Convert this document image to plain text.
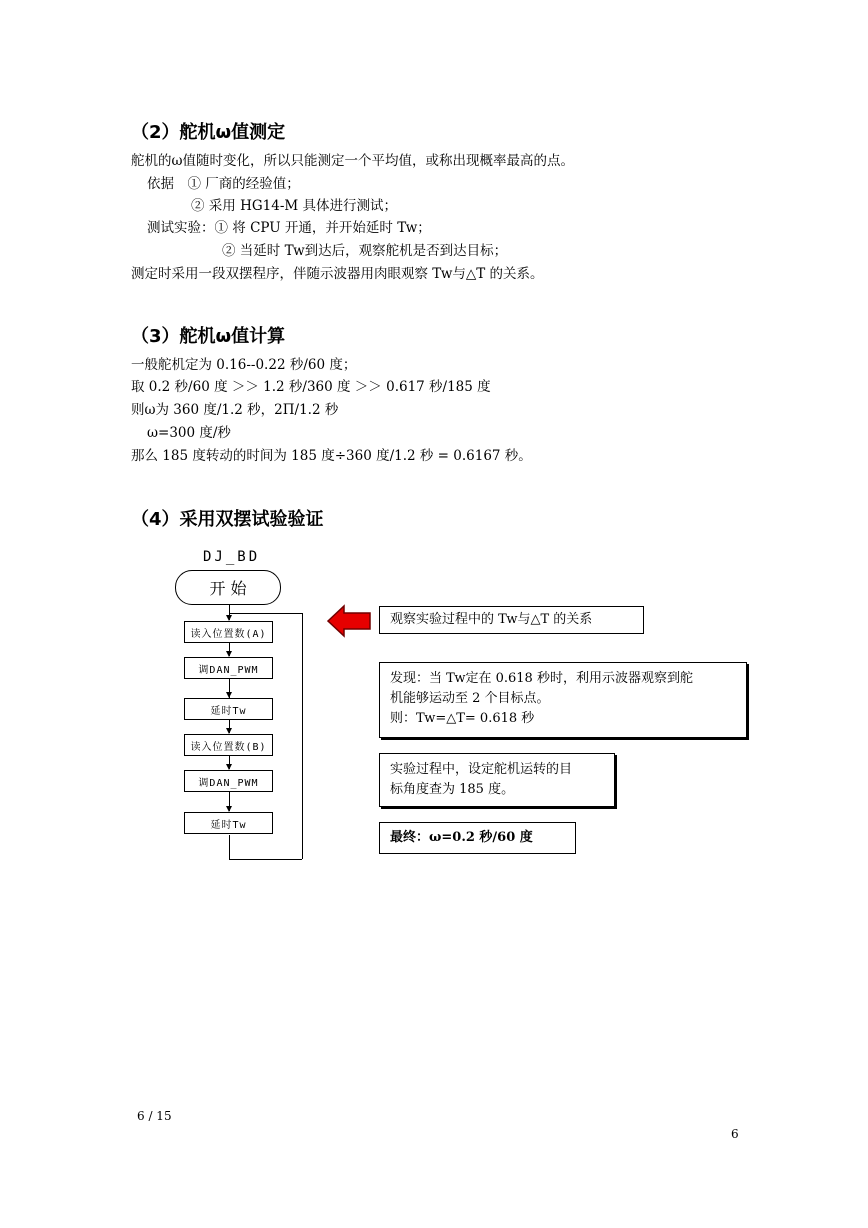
（2）舵机ω值测定
舵机的ω值随时变化，所以只能测定一个平均值，或称出现概率最高的点。
依据　① 厂商的经验值；
② 采用 HG14-M 具体进行测试；
测试实验：① 将 CPU 开通，并开始延时 Tw；
② 当延时 Tw到达后，观察舵机是否到达目标；
测定时采用一段双摆程序，伴随示波器用肉眼观察 Tw与△T 的关系。
（3）舵机ω值计算
一般舵机定为 0.16--0.22 秒/60 度；
取 0.2 秒/60 度 ＞＞ 1.2 秒/360 度 ＞＞ 0.617 秒/185 度
则ω为 360 度/1.2 秒，2Π/1.2 秒
ω=300 度/秒
那么 185 度转动的时间为 185 度÷360 度/1.2 秒 = 0.6167 秒。
（4）采用双摆试验验证
DJ_BD
开 始
读入位置数(A)
调DAN_PWM
延时Tw
读入位置数(B)
调DAN_PWM
延时Tw
观察实验过程中的 Tw与△T 的关系
发现：当 Tw定在 0.618 秒时，利用示波器观察到舵
机能够运动至 2 个目标点。
则：Tw=△T= 0.618 秒
实验过程中，设定舵机运转的目
标角度查为 185 度。
最终：ω=0.2 秒/60 度
6 / 15
6
